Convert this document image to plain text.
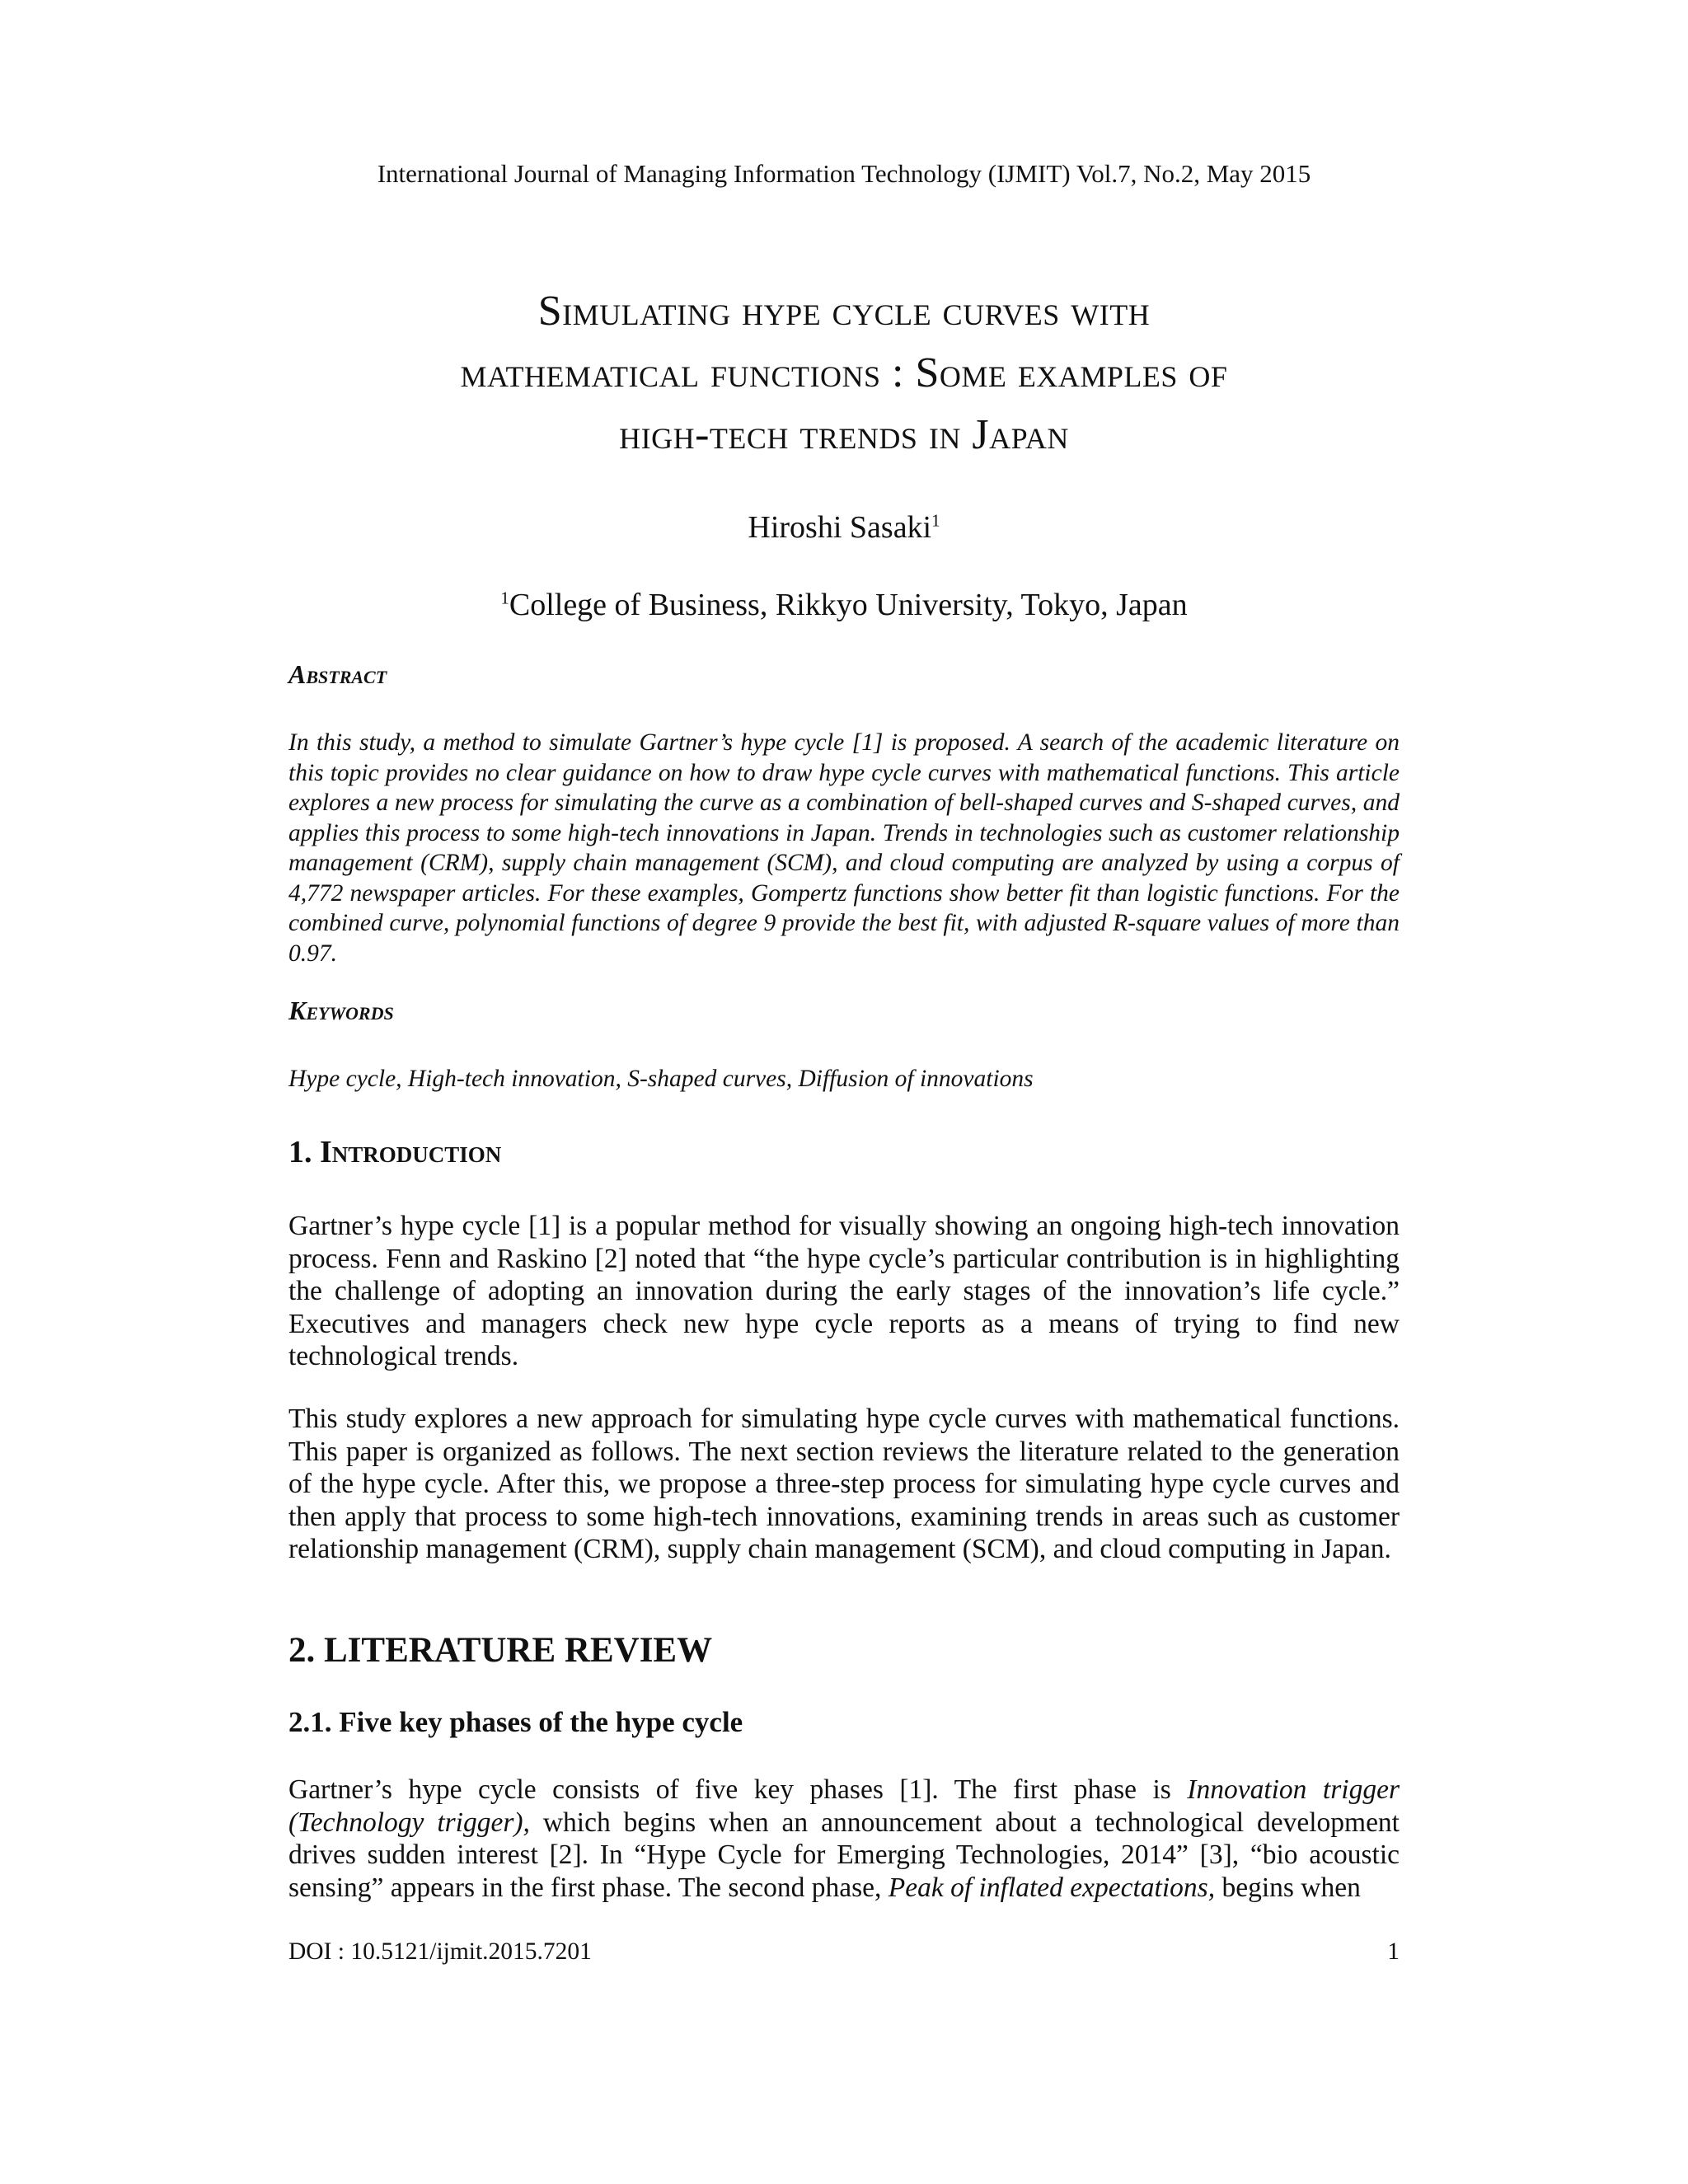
International Journal of Managing Information Technology (IJMIT) Vol.7, No.2, May 2015
Simulating hype cycle curves with
mathematical functions : Some examples of
high-tech trends in Japan
Hiroshi Sasaki$^1$
$^1$College of Business, Rikkyo University, Tokyo, Japan
Abstract
In this study, a method to simulate Gartner’s hype cycle [1] is proposed. A search of the academic literature on this topic provides no clear guidance on how to draw hype cycle curves with mathematical functions. This article explores a new process for simulating the curve as a combination of bell-shaped curves and S-shaped curves, and applies this process to some high-tech innovations in Japan. Trends in technologies such as customer relationship management (CRM), supply chain management (SCM), and cloud computing are analyzed by using a corpus of 4,772 newspaper articles. For these examples, Gompertz functions show better fit than logistic functions. For the combined curve, polynomial functions of degree 9 provide the best fit, with adjusted R-square values of more than 0.97.
Keywords
Hype cycle, High-tech innovation, S-shaped curves, Diffusion of innovations
1. Introduction
Gartner’s hype cycle [1] is a popular method for visually showing an ongoing high-tech innovation process. Fenn and Raskino [2] noted that “the hype cycle’s particular contribution is in highlighting the challenge of adopting an innovation during the early stages of the innovation’s life cycle.” Executives and managers check new hype cycle reports as a means of trying to find new technological trends.
This study explores a new approach for simulating hype cycle curves with mathematical functions. This paper is organized as follows. The next section reviews the literature related to the generation of the hype cycle. After this, we propose a three-step process for simulating hype cycle curves and then apply that process to some high-tech innovations, examining trends in areas such as customer relationship management (CRM), supply chain management (SCM), and cloud computing in Japan.
2. LITERATURE REVIEW
2.1. Five key phases of the hype cycle
Gartner’s hype cycle consists of five key phases [1]. The first phase is Innovation trigger (Technology trigger), which begins when an announcement about a technological development drives sudden interest [2]. In “Hype Cycle for Emerging Technologies, 2014” [3], “bio acoustic sensing” appears in the first phase. The second phase, Peak of inflated expectations, begins when
DOI : 10.5121/ijmit.2015.7201	1
